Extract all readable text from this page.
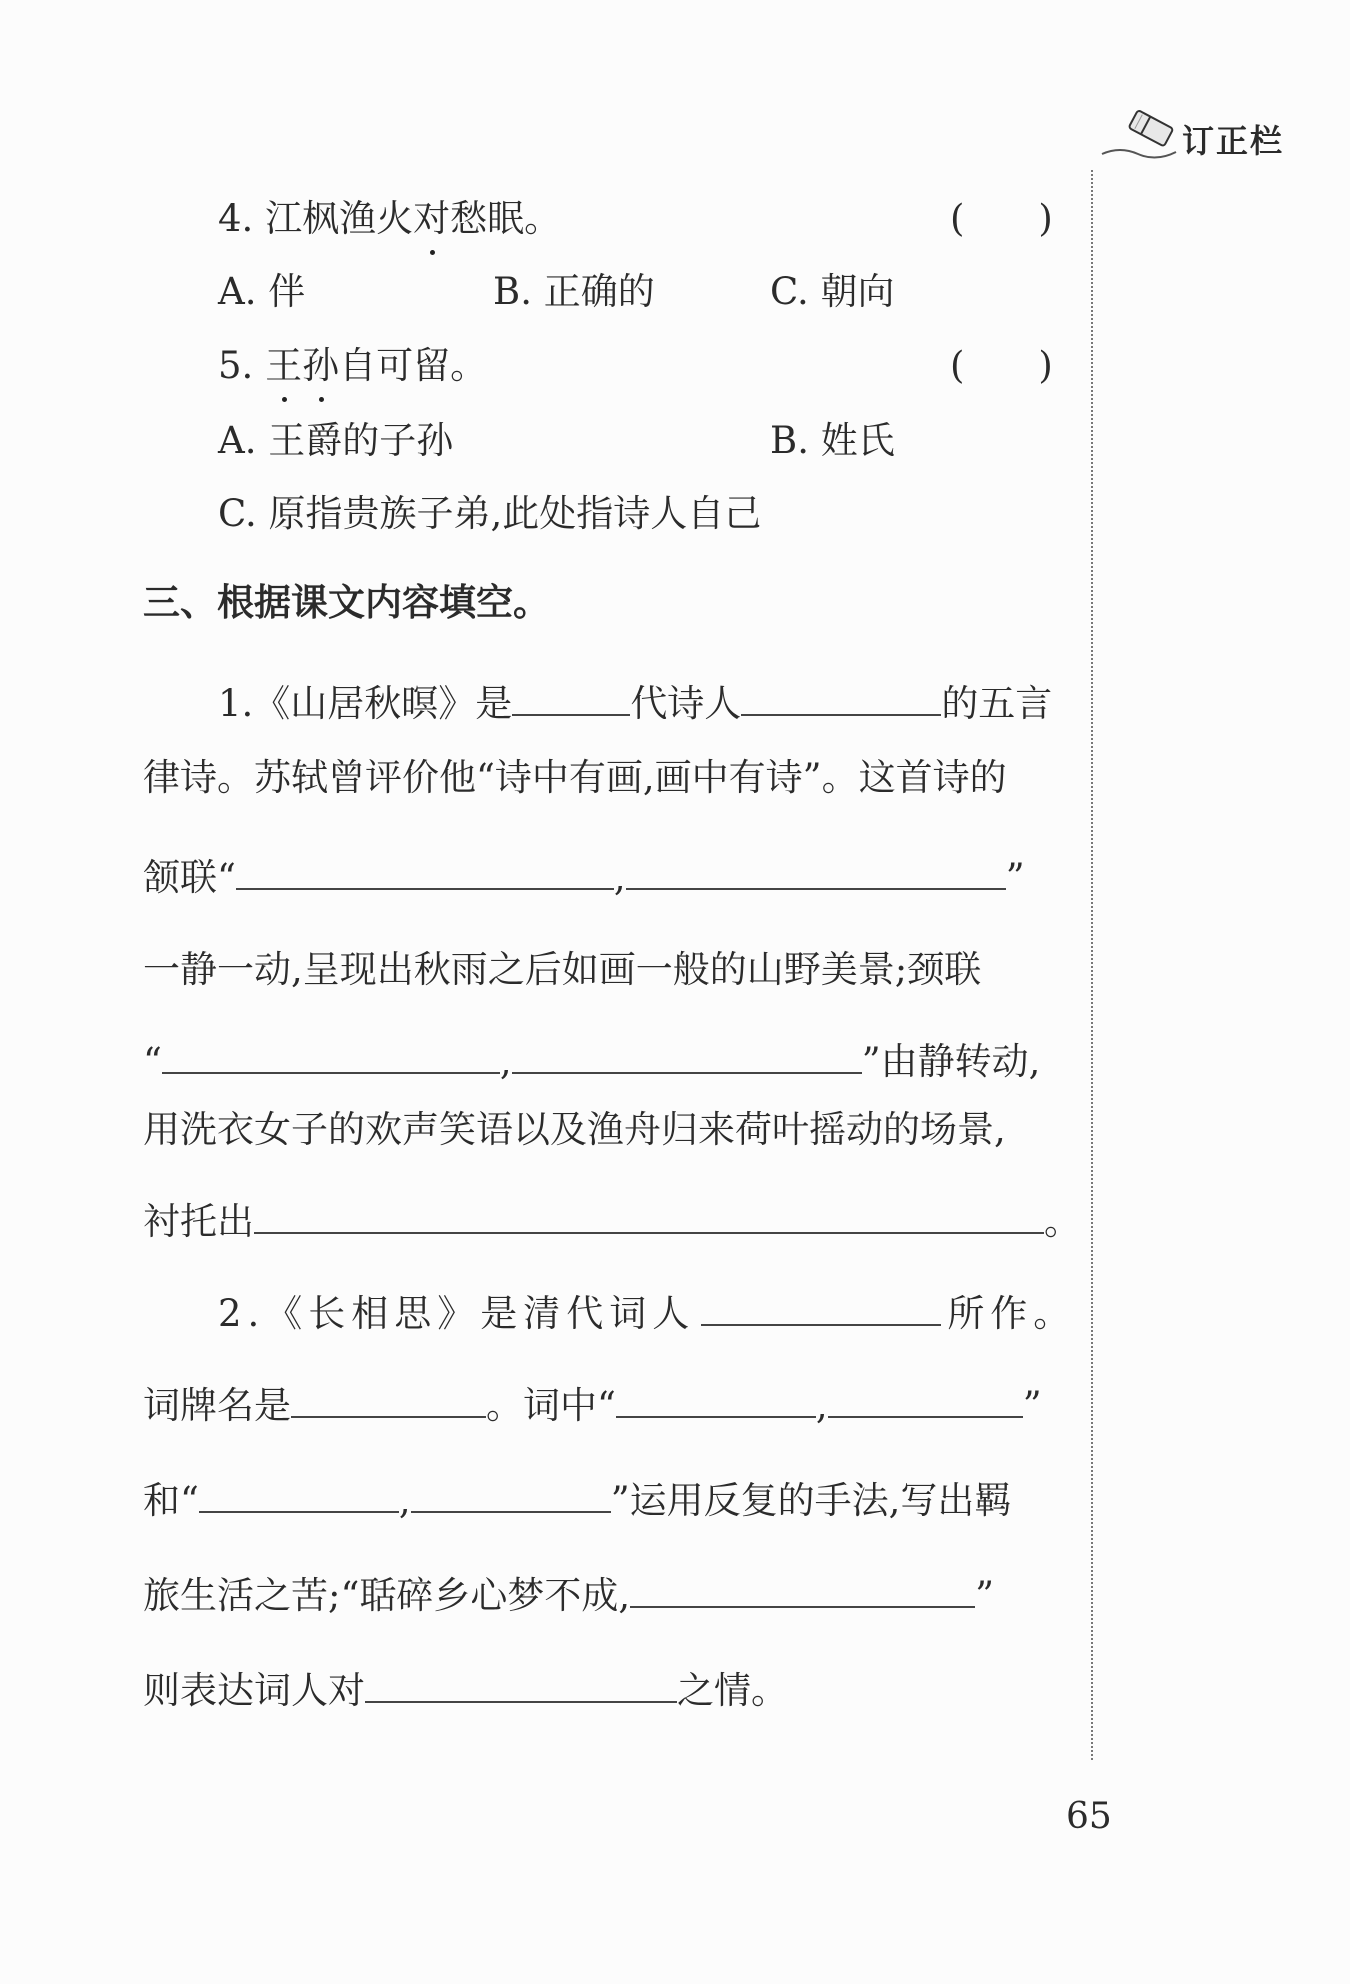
订正栏
4. 江枫渔火对愁眠。	(　　)
A. 伴	B. 正确的	C. 朝向
5. 王孙自可留。	(　　)
A. 王爵的子孙	B. 姓氏
C. 原指贵族子弟,此处指诗人自己
三、根据课文内容填空。
1.《山居秋暝》是	代诗人	的五言
律诗。苏轼曾评价他“诗中有画,画中有诗”。这首诗的
颔联“	,	”
一静一动,呈现出秋雨之后如画一般的山野美景;颈联
“	,	”由静转动,
用洗衣女子的欢声笑语以及渔舟归来荷叶摇动的场景,
衬托出	。
2.《长相思》是清代词人	所作。
词牌名是	。词中“	,	”
和“	,	”运用反复的手法,写出羁
旅生活之苦;“聒碎乡心梦不成,	”
则表达词人对	之情。
65
